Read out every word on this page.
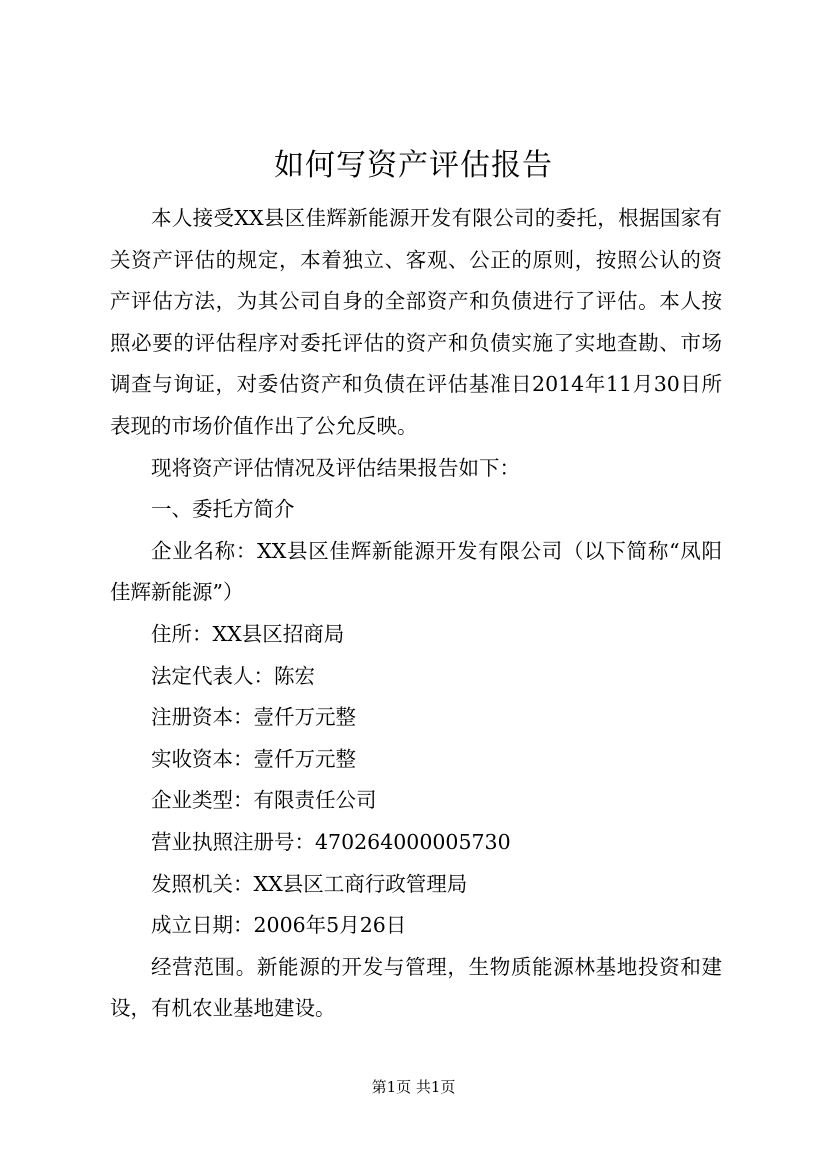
如何写资产评估报告

本人接受XX县区佳辉新能源开发有限公司的委托，根据国家有关资产评估的规定，本着独立、客观、公正的原则，按照公认的资产评估方法，为其公司自身的全部资产和负债进行了评估。本人按照必要的评估程序对委托评估的资产和负债实施了实地查勘、市场调查与询证，对委估资产和负债在评估基准日2014年11月30日所表现的市场价值作出了公允反映。

现将资产评估情况及评估结果报告如下：

一、委托方简介

企业名称：XX县区佳辉新能源开发有限公司（以下简称“凤阳佳辉新能源”）

住所：XX县区招商局

法定代表人：陈宏

注册资本：壹仟万元整

实收资本：壹仟万元整

企业类型：有限责任公司

营业执照注册号：470264000005730

发照机关：XX县区工商行政管理局

成立日期：2006年5月26日

经营范围。新能源的开发与管理，生物质能源林基地投资和建设，有机农业基地建设。

第1页 共1页
